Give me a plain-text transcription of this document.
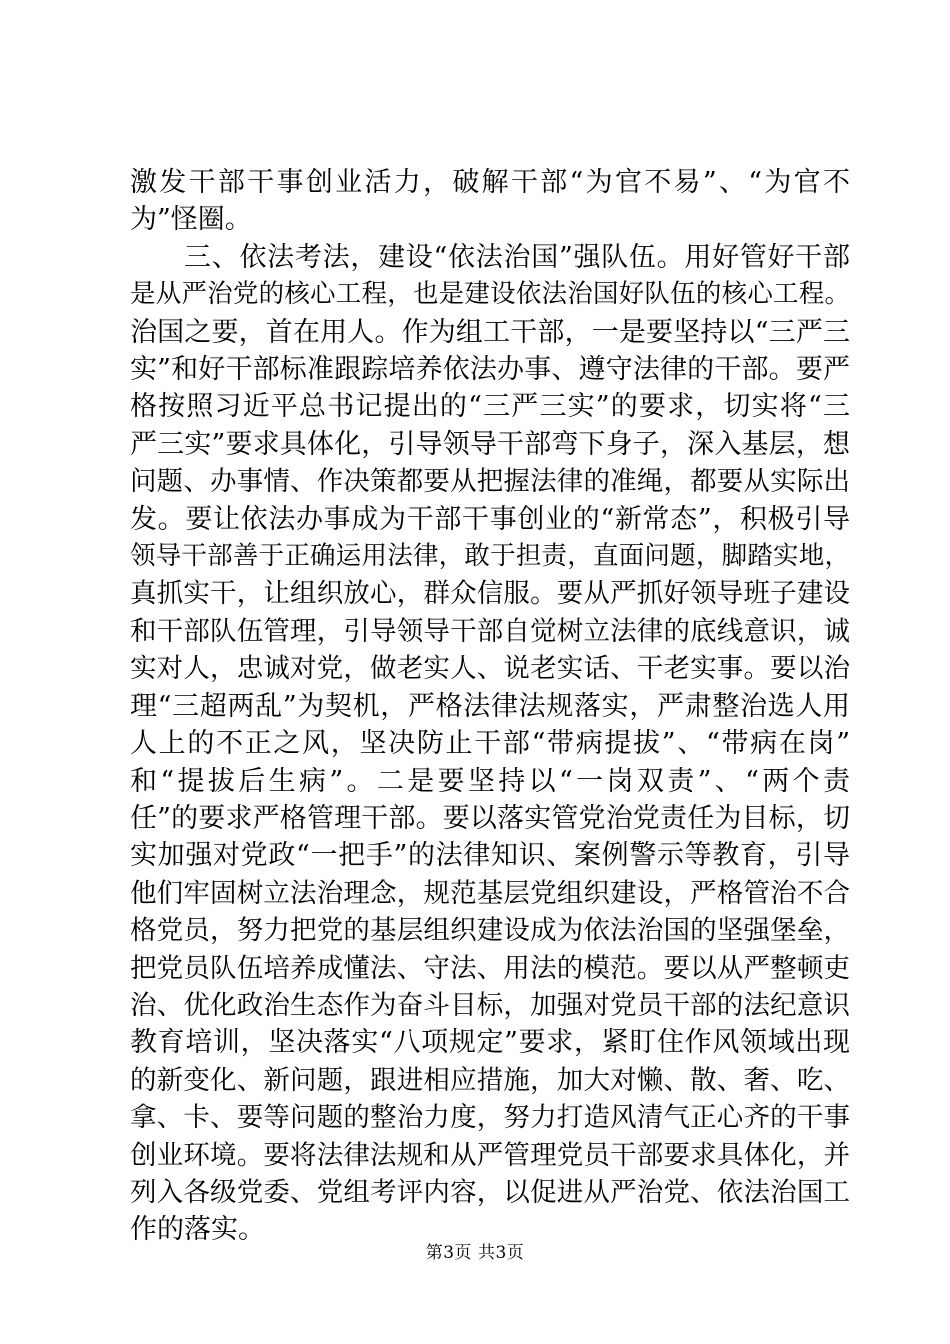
激发干部干事创业活力，破解干部“为官不易”、“为官不
为”怪圈。
三、依法考法，建设“依法治国”强队伍。用好管好干部
是从严治党的核心工程，也是建设依法治国好队伍的核心工程。
治国之要，首在用人。作为组工干部，一是要坚持以“三严三
实”和好干部标准跟踪培养依法办事、遵守法律的干部。要严
格按照习近平总书记提出的“三严三实”的要求，切实将“三
严三实”要求具体化，引导领导干部弯下身子，深入基层，想
问题、办事情、作决策都要从把握法律的准绳，都要从实际出
发。要让依法办事成为干部干事创业的“新常态”，积极引导
领导干部善于正确运用法律，敢于担责，直面问题，脚踏实地，
真抓实干，让组织放心，群众信服。要从严抓好领导班子建设
和干部队伍管理，引导领导干部自觉树立法律的底线意识，诚
实对人，忠诚对党，做老实人、说老实话、干老实事。要以治
理“三超两乱”为契机，严格法律法规落实，严肃整治选人用
人上的不正之风，坚决防止干部“带病提拔”、“带病在岗”
和“提拔后生病”。二是要坚持以“一岗双责”、“两个责
任”的要求严格管理干部。要以落实管党治党责任为目标，切
实加强对党政“一把手”的法律知识、案例警示等教育，引导
他们牢固树立法治理念，规范基层党组织建设，严格管治不合
格党员，努力把党的基层组织建设成为依法治国的坚强堡垒，
把党员队伍培养成懂法、守法、用法的模范。要以从严整顿吏
治、优化政治生态作为奋斗目标，加强对党员干部的法纪意识
教育培训，坚决落实“八项规定”要求，紧盯住作风领域出现
的新变化、新问题，跟进相应措施，加大对懒、散、奢、吃、
拿、卡、要等问题的整治力度，努力打造风清气正心齐的干事
创业环境。要将法律法规和从严管理党员干部要求具体化，并
列入各级党委、党组考评内容，以促进从严治党、依法治国工
作的落实。
第3页 共3页
